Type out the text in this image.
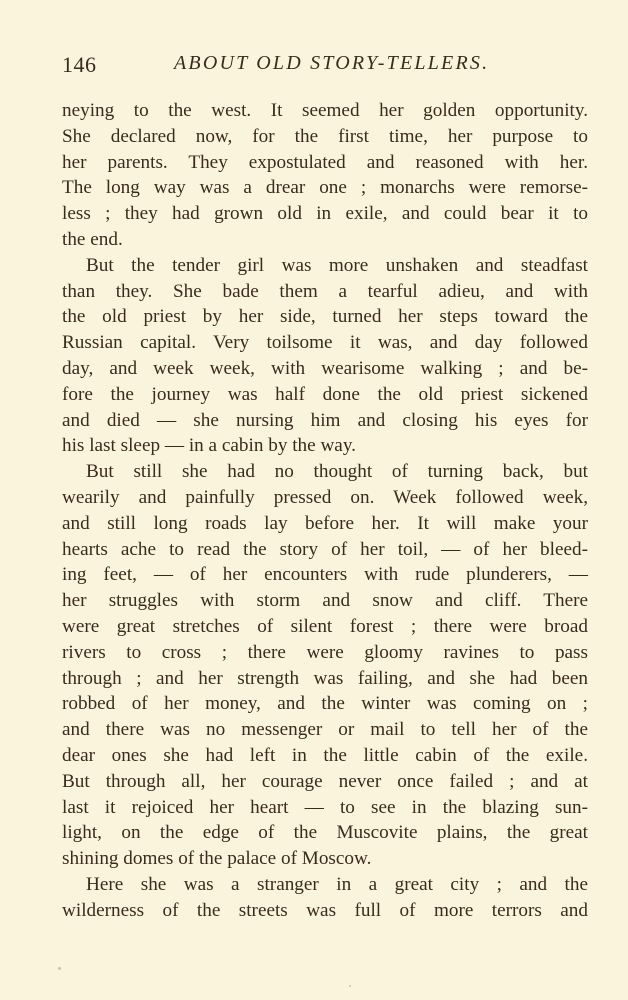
146	ABOUT OLD STORY-TELLERS.
neying to the west. It seemed her golden opportunity.
She declared now, for the first time, her purpose to
her parents. They expostulated and reasoned with her.
The long way was a drear one ; monarchs were remorse-
less ; they had grown old in exile, and could bear it to
the end.
But the tender girl was more unshaken and steadfast
than they. She bade them a tearful adieu, and with
the old priest by her side, turned her steps toward the
Russian capital. Very toilsome it was, and day followed
day, and week week, with wearisome walking ; and be-
fore the journey was half done the old priest sickened
and died — she nursing him and closing his eyes for
his last sleep — in a cabin by the way.
But still she had no thought of turning back, but
wearily and painfully pressed on. Week followed week,
and still long roads lay before her. It will make your
hearts ache to read the story of her toil, — of her bleed-
ing feet, — of her encounters with rude plunderers, —
her struggles with storm and snow and cliff. There
were great stretches of silent forest ; there were broad
rivers to cross ; there were gloomy ravines to pass
through ; and her strength was failing, and she had been
robbed of her money, and the winter was coming on ;
and there was no messenger or mail to tell her of the
dear ones she had left in the little cabin of the exile.
But through all, her courage never once failed ; and at
last it rejoiced her heart — to see in the blazing sun-
light, on the edge of the Muscovite plains, the great
shining domes of the palace of Moscow.
Here she was a stranger in a great city ; and the
wilderness of the streets was full of more terrors and
